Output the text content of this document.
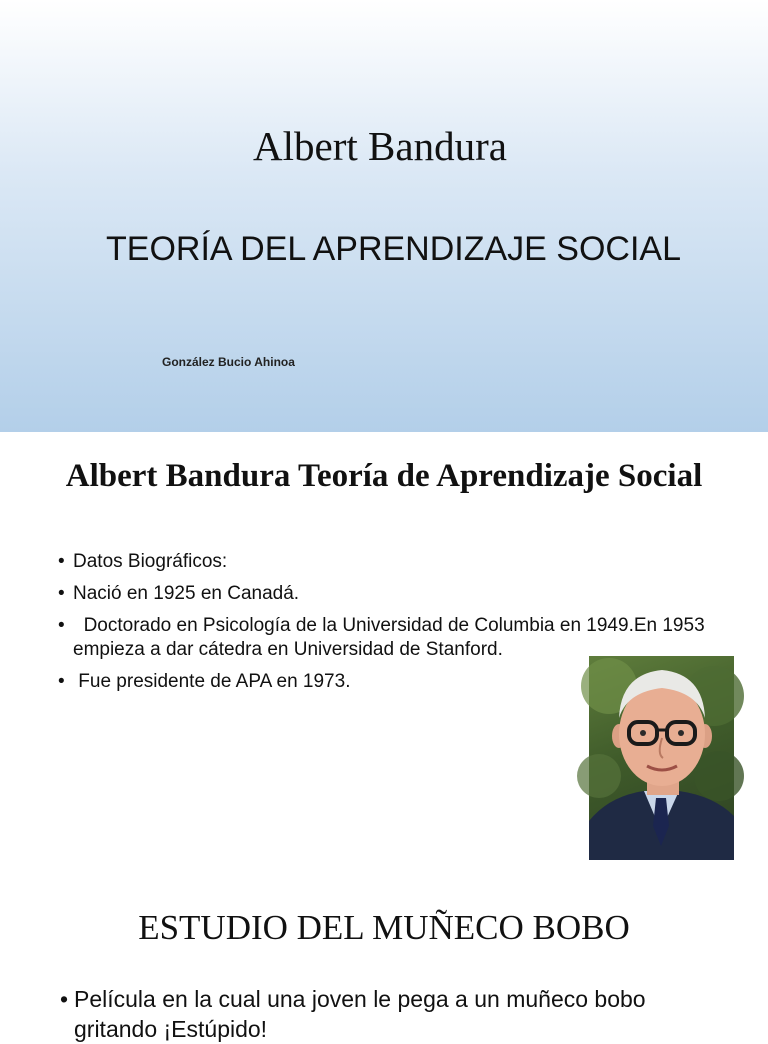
Albert Bandura
TEORÍA DEL APRENDIZAJE SOCIAL
González Bucio Ahinoa
Albert Bandura Teoría de Aprendizaje Social
• Datos Biográficos:
• Nació en 1925 en Canadá.
• Doctorado en Psicología de la Universidad de Columbia en 1949.En 1953 empieza a dar cátedra en Universidad de Stanford.
• Fue presidente de APA en 1973.
ESTUDIO DEL MUÑECO BOBO
• Película en la cual una joven le pega a un muñeco bobo gritando ¡Estúpido!
